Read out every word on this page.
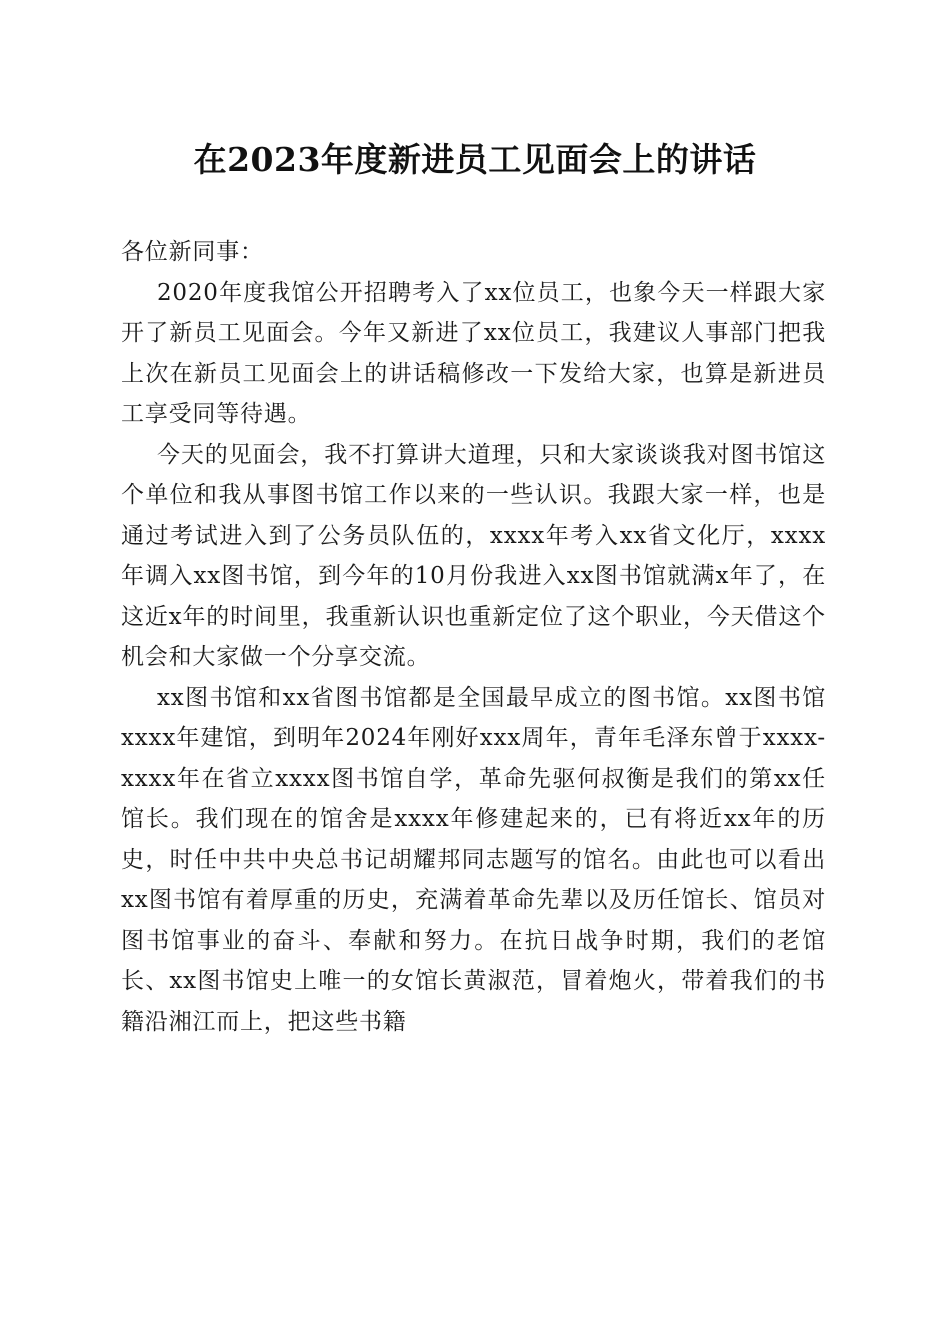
在2023年度新进员工见面会上的讲话

各位新同事：

2020年度我馆公开招聘考入了xx位员工，也象今天一样跟大家开了新员工见面会。今年又新进了xx位员工，我建议人事部门把我上次在新员工见面会上的讲话稿修改一下发给大家，也算是新进员工享受同等待遇。

今天的见面会，我不打算讲大道理，只和大家谈谈我对图书馆这个单位和我从事图书馆工作以来的一些认识。我跟大家一样，也是通过考试进入到了公务员队伍的，xxxx年考入xx省文化厅，xxxx年调入xx图书馆，到今年的10月份我进入xx图书馆就满x年了，在这近x年的时间里，我重新认识也重新定位了这个职业，今天借这个机会和大家做一个分享交流。

xx图书馆和xx省图书馆都是全国最早成立的图书馆。xx图书馆xxxx年建馆，到明年2024年刚好xxx周年，青年毛泽东曾于xxxx-xxxx年在省立xxxx图书馆自学，革命先驱何叔衡是我们的第xx任馆长。我们现在的馆舍是xxxx年修建起来的，已有将近xx年的历史，时任中共中央总书记胡耀邦同志题写的馆名。由此也可以看出xx图书馆有着厚重的历史，充满着革命先辈以及历任馆长、馆员对图书馆事业的奋斗、奉献和努力。在抗日战争时期，我们的老馆长、xx图书馆史上唯一的女馆长黄淑范，冒着炮火，带着我们的书籍沿湘江而上，把这些书籍
